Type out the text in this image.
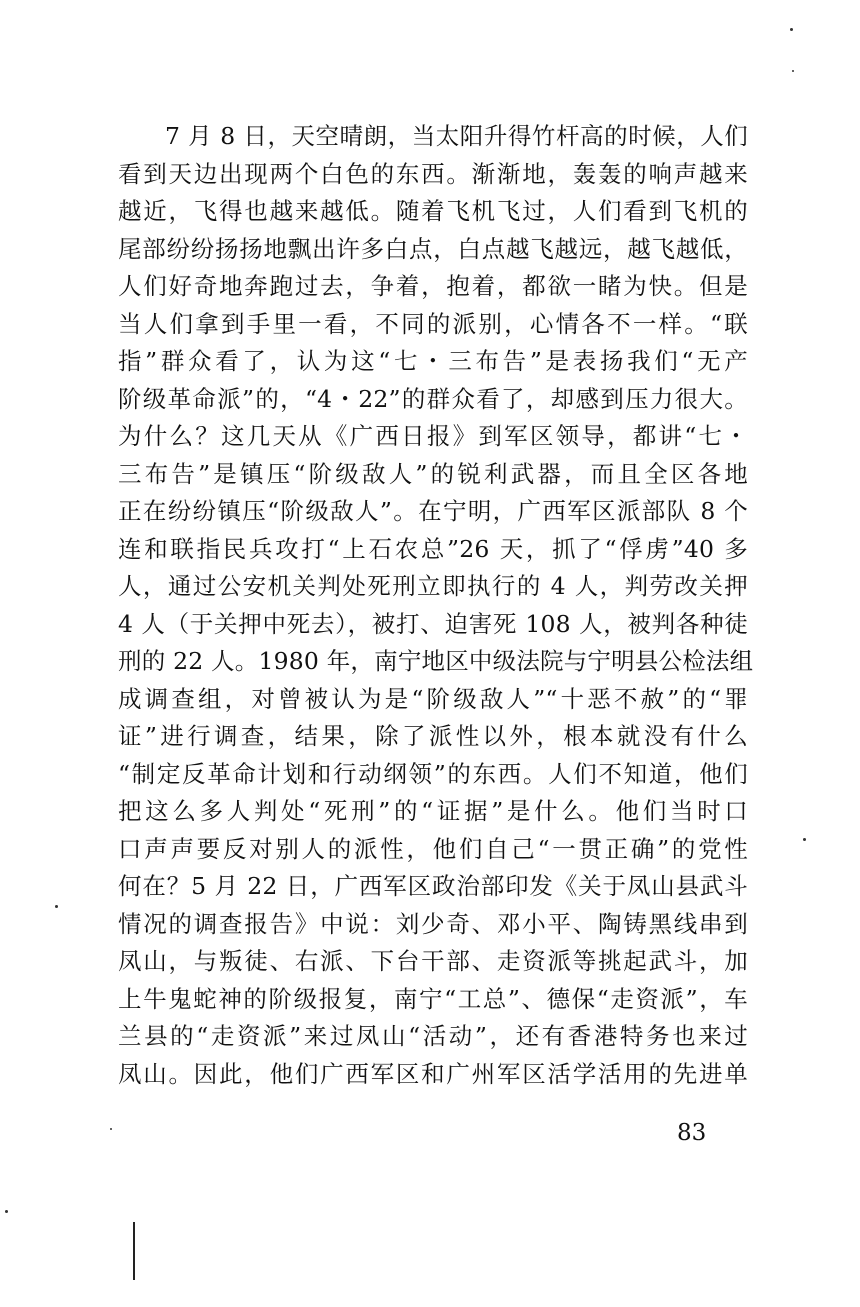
7 月 8 日，天空晴朗，当太阳升得竹杆高的时候，人们
看到天边出现两个白色的东西。渐渐地，轰轰的响声越来
越近，飞得也越来越低。随着飞机飞过，人们看到飞机的
尾部纷纷扬扬地飘出许多白点，白点越飞越远，越飞越低，
人们好奇地奔跑过去，争着，抱着，都欲一睹为快。但是
当人们拿到手里一看，不同的派别，心情各不一样。“联
指”群众看了，认为这“七・三布告”是表扬我们“无产
阶级革命派”的，“4・22”的群众看了，却感到压力很大。
为什么？这几天从《广西日报》到军区领导，都讲“七・
三布告”是镇压“阶级敌人”的锐利武器，而且全区各地
正在纷纷镇压“阶级敌人”。在宁明，广西军区派部队 8 个
连和联指民兵攻打“上石农总”26 天，抓了“俘虏”40 多
人，通过公安机关判处死刑立即执行的 4 人，判劳改关押
4 人（于关押中死去），被打、迫害死 108 人，被判各种徒
刑的 22 人。1980 年，南宁地区中级法院与宁明县公检法组
成调查组，对曾被认为是“阶级敌人”“十恶不赦”的“罪
证”进行调查，结果，除了派性以外，根本就没有什么
“制定反革命计划和行动纲领”的东西。人们不知道，他们
把这么多人判处“死刑”的“证据”是什么。他们当时口
口声声要反对别人的派性，他们自己“一贯正确”的党性
何在？5 月 22 日，广西军区政治部印发《关于凤山县武斗
情况的调查报告》中说：刘少奇、邓小平、陶铸黑线串到
凤山，与叛徒、右派、下台干部、走资派等挑起武斗，加
上牛鬼蛇神的阶级报复，南宁“工总”、德保“走资派”，车
兰县的“走资派”来过凤山“活动”，还有香港特务也来过
凤山。因此，他们广西军区和广州军区活学活用的先进单
83
